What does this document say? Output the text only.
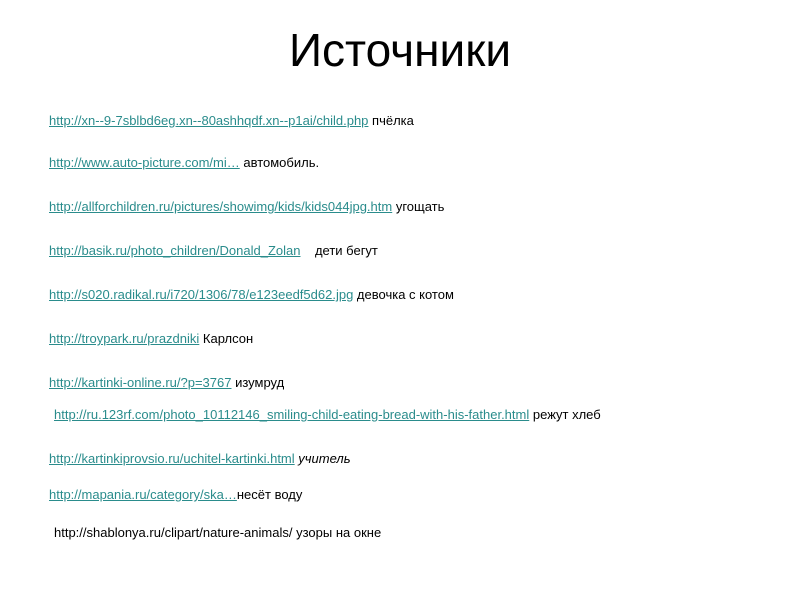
Источники
http://xn--9-7sblbd6eg.xn--80ashhqdf.xn--p1ai/child.php пчёлка
http://www.auto-picture.com/mi… автомобиль.
http://allforchildren.ru/pictures/showimg/kids/kids044jpg.htm угощать
http://basik.ru/photo_children/Donald_Zolan дети бегут
http://s020.radikal.ru/i720/1306/78/e123eedf5d62.jpg девочка с котом
http://troypark.ru/prazdniki Карлсон
http://kartinki-online.ru/?p=3767 изумруд
http://ru.123rf.com/photo_10112146_smiling-child-eating-bread-with-his-father.html режут хлеб
http://kartinkiprovsio.ru/uchitel-kartinki.html учитель
http://mapania.ru/category/ska…несёт воду
http://shablonya.ru/clipart/nature-animals/ узоры на окне
